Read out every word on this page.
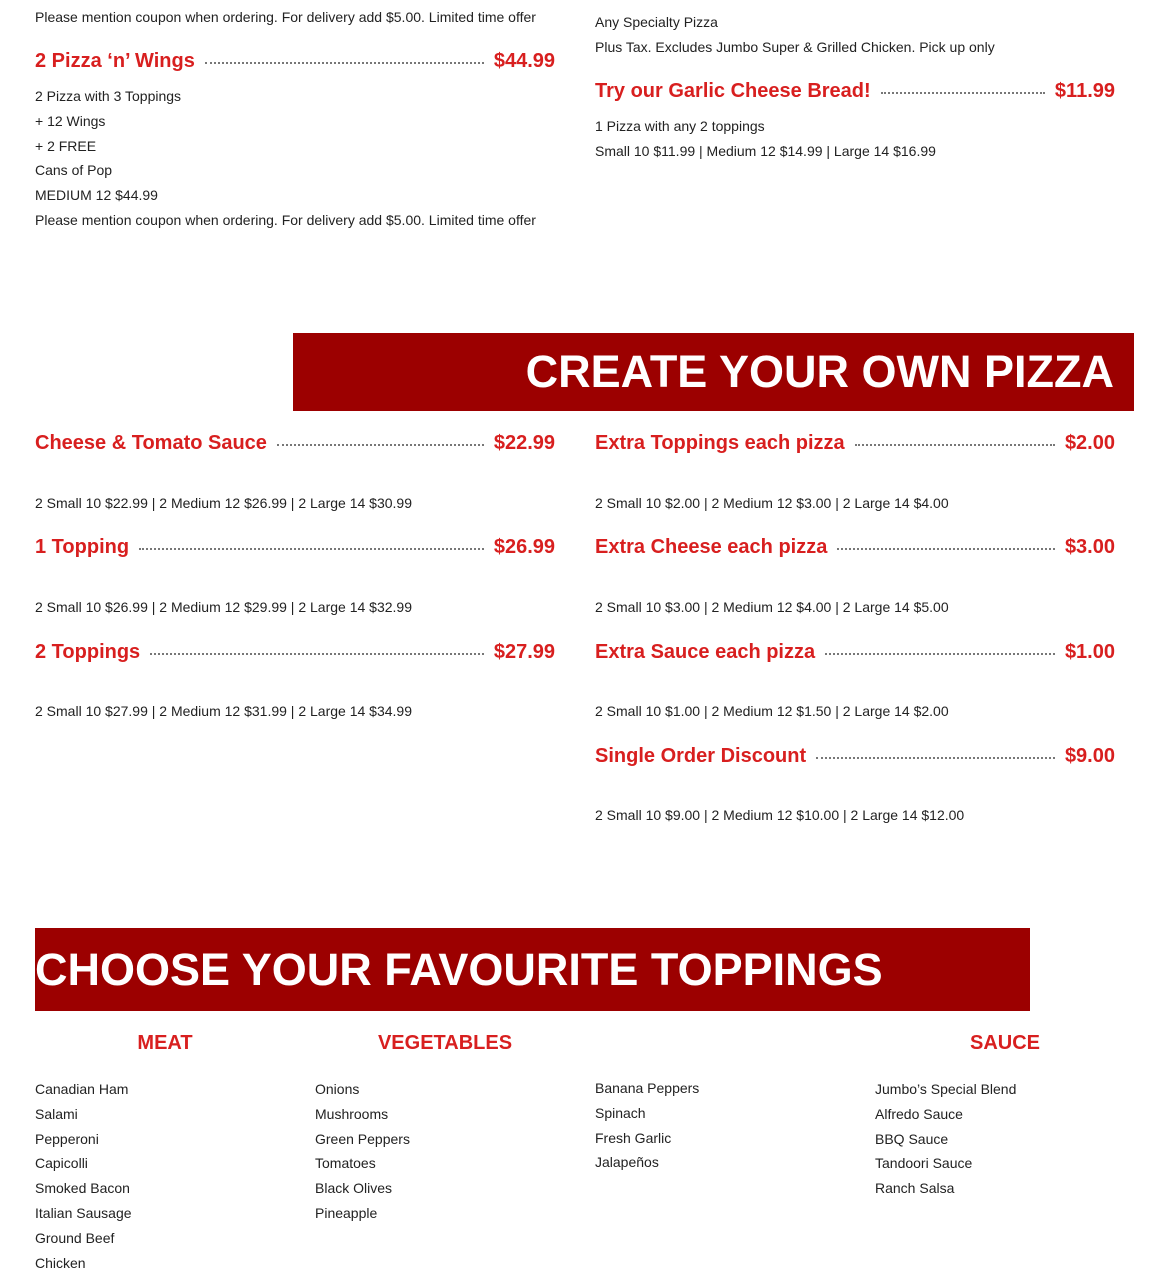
Please mention coupon when ordering. For delivery add $5.00. Limited time offer
2 Pizza ‘n’ Wings	$44.99
2 Pizza with 3 Toppings
+ 12 Wings
+ 2 FREE
Cans of Pop
MEDIUM 12 $44.99
Please mention coupon when ordering. For delivery add $5.00. Limited time offer
Any Specialty Pizza
Plus Tax. Excludes Jumbo Super & Grilled Chicken. Pick up only
Try our Garlic Cheese Bread!	$11.99
1 Pizza with any 2 toppings
Small 10 $11.99 | Medium 12 $14.99 | Large 14 $16.99
CREATE YOUR OWN PIZZA
Cheese & Tomato Sauce	$22.99
2 Small 10 $22.99 | 2 Medium 12 $26.99 | 2 Large 14 $30.99
1 Topping	$26.99
2 Small 10 $26.99 | 2 Medium 12 $29.99 | 2 Large 14 $32.99
2 Toppings	$27.99
2 Small 10 $27.99 | 2 Medium 12 $31.99 | 2 Large 14 $34.99
Extra Toppings each pizza	$2.00
2 Small 10 $2.00 | 2 Medium 12 $3.00 | 2 Large 14 $4.00
Extra Cheese each pizza	$3.00
2 Small 10 $3.00 | 2 Medium 12 $4.00 | 2 Large 14 $5.00
Extra Sauce each pizza	$1.00
2 Small 10 $1.00 | 2 Medium 12 $1.50 | 2 Large 14 $2.00
Single Order Discount	$9.00
2 Small 10 $9.00 | 2 Medium 12 $10.00 | 2 Large 14 $12.00
CHOOSE YOUR FAVOURITE TOPPINGS
MEAT	VEGETABLES	SAUCE
Canadian Ham
Salami
Pepperoni
Capicolli
Smoked Bacon
Italian Sausage
Ground Beef
Chicken
Onions
Mushrooms
Green Peppers
Tomatoes
Black Olives
Pineapple
Banana Peppers
Spinach
Fresh Garlic
Jalapeños
Jumbo’s Special Blend
Alfredo Sauce
BBQ Sauce
Tandoori Sauce
Ranch Salsa
